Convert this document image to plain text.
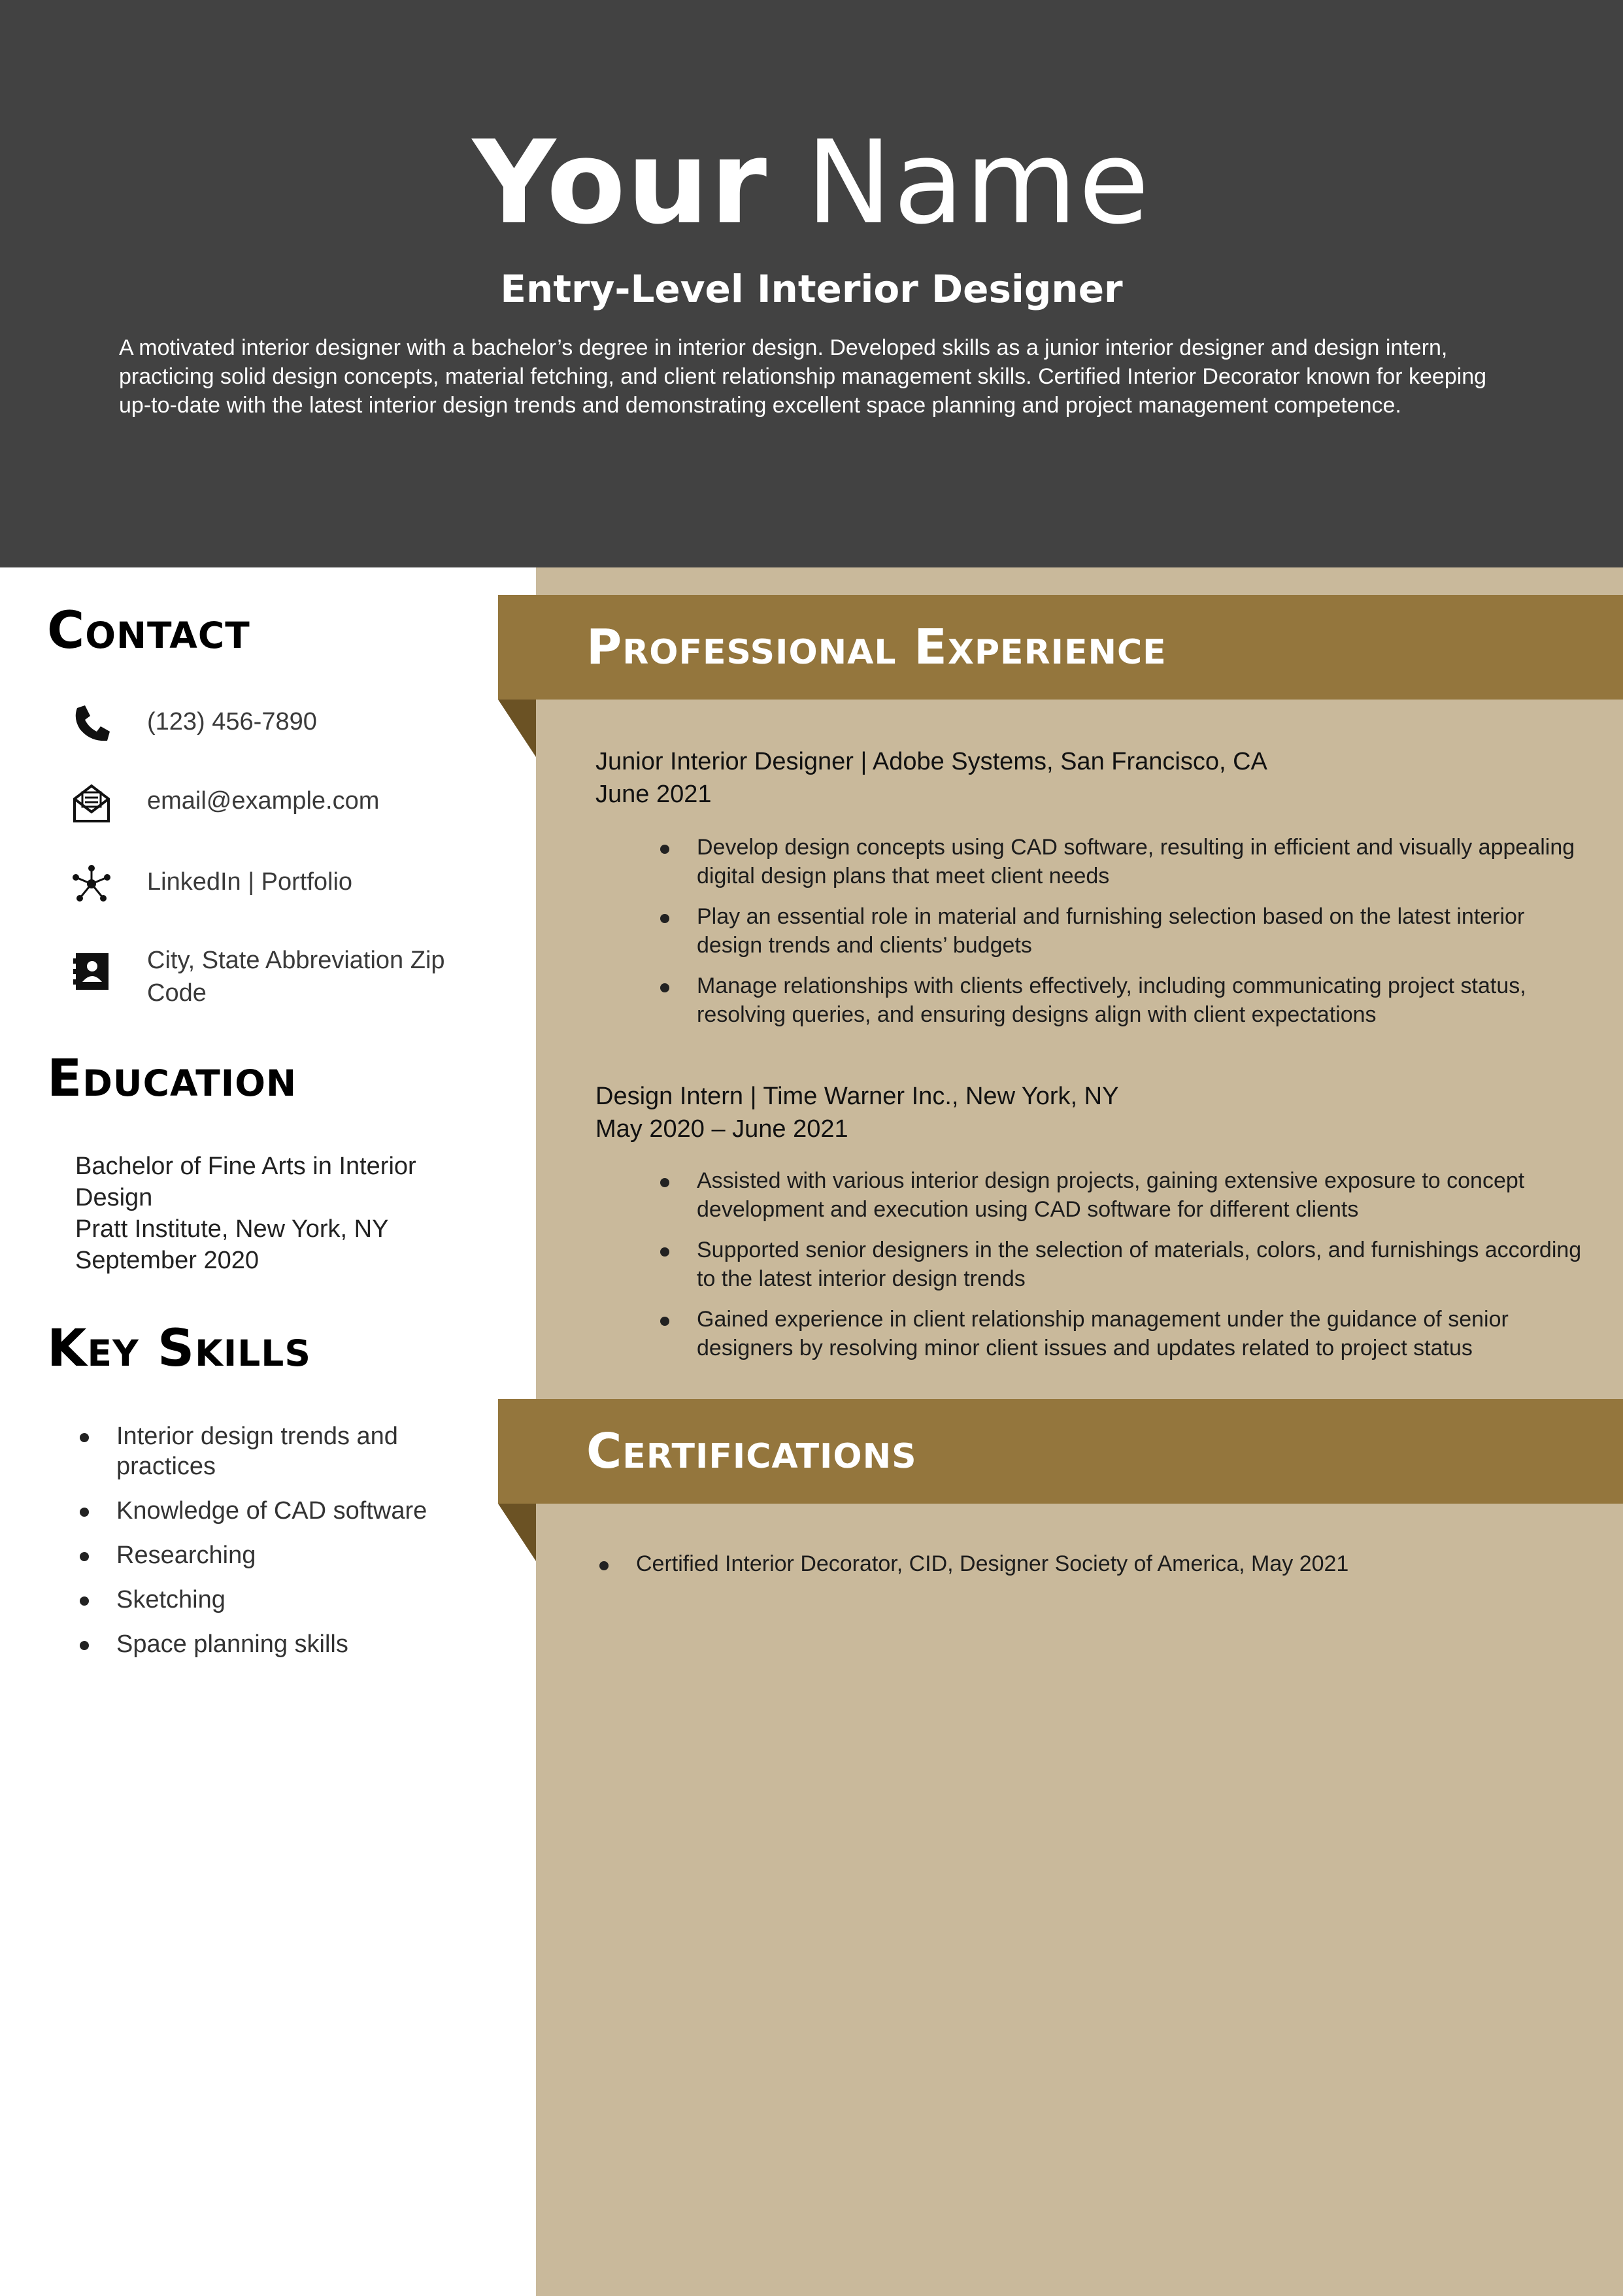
Your Name
Entry-Level Interior Designer
A motivated interior designer with a bachelor’s degree in interior design. Developed skills as a junior interior designer and design intern, practicing solid design concepts, material fetching, and client relationship management skills. Certified Interior Decorator known for keeping up-to-date with the latest interior design trends and demonstrating excellent space planning and project management competence.
Contact
(123) 456-7890
email@example.com
LinkedIn | Portfolio
City, State Abbreviation Zip Code
Education
Bachelor of Fine Arts in Interior Design
Pratt Institute, New York, NY
September 2020
Key Skills
Interior design trends and practices
Knowledge of CAD software
Researching
Sketching
Space planning skills
Professional Experience
Junior Interior Designer | Adobe Systems, San Francisco, CA
June 2021
Develop design concepts using CAD software, resulting in efficient and visually appealing digital design plans that meet client needs
Play an essential role in material and furnishing selection based on the latest interior design trends and clients’ budgets
Manage relationships with clients effectively, including communicating project status, resolving queries, and ensuring designs align with client expectations
Design Intern | Time Warner Inc., New York, NY
May 2020 – June 2021
Assisted with various interior design projects, gaining extensive exposure to concept development and execution using CAD software for different clients
Supported senior designers in the selection of materials, colors, and furnishings according to the latest interior design trends
Gained experience in client relationship management under the guidance of senior designers by resolving minor client issues and updates related to project status
Certifications
Certified Interior Decorator, CID, Designer Society of America, May 2021
